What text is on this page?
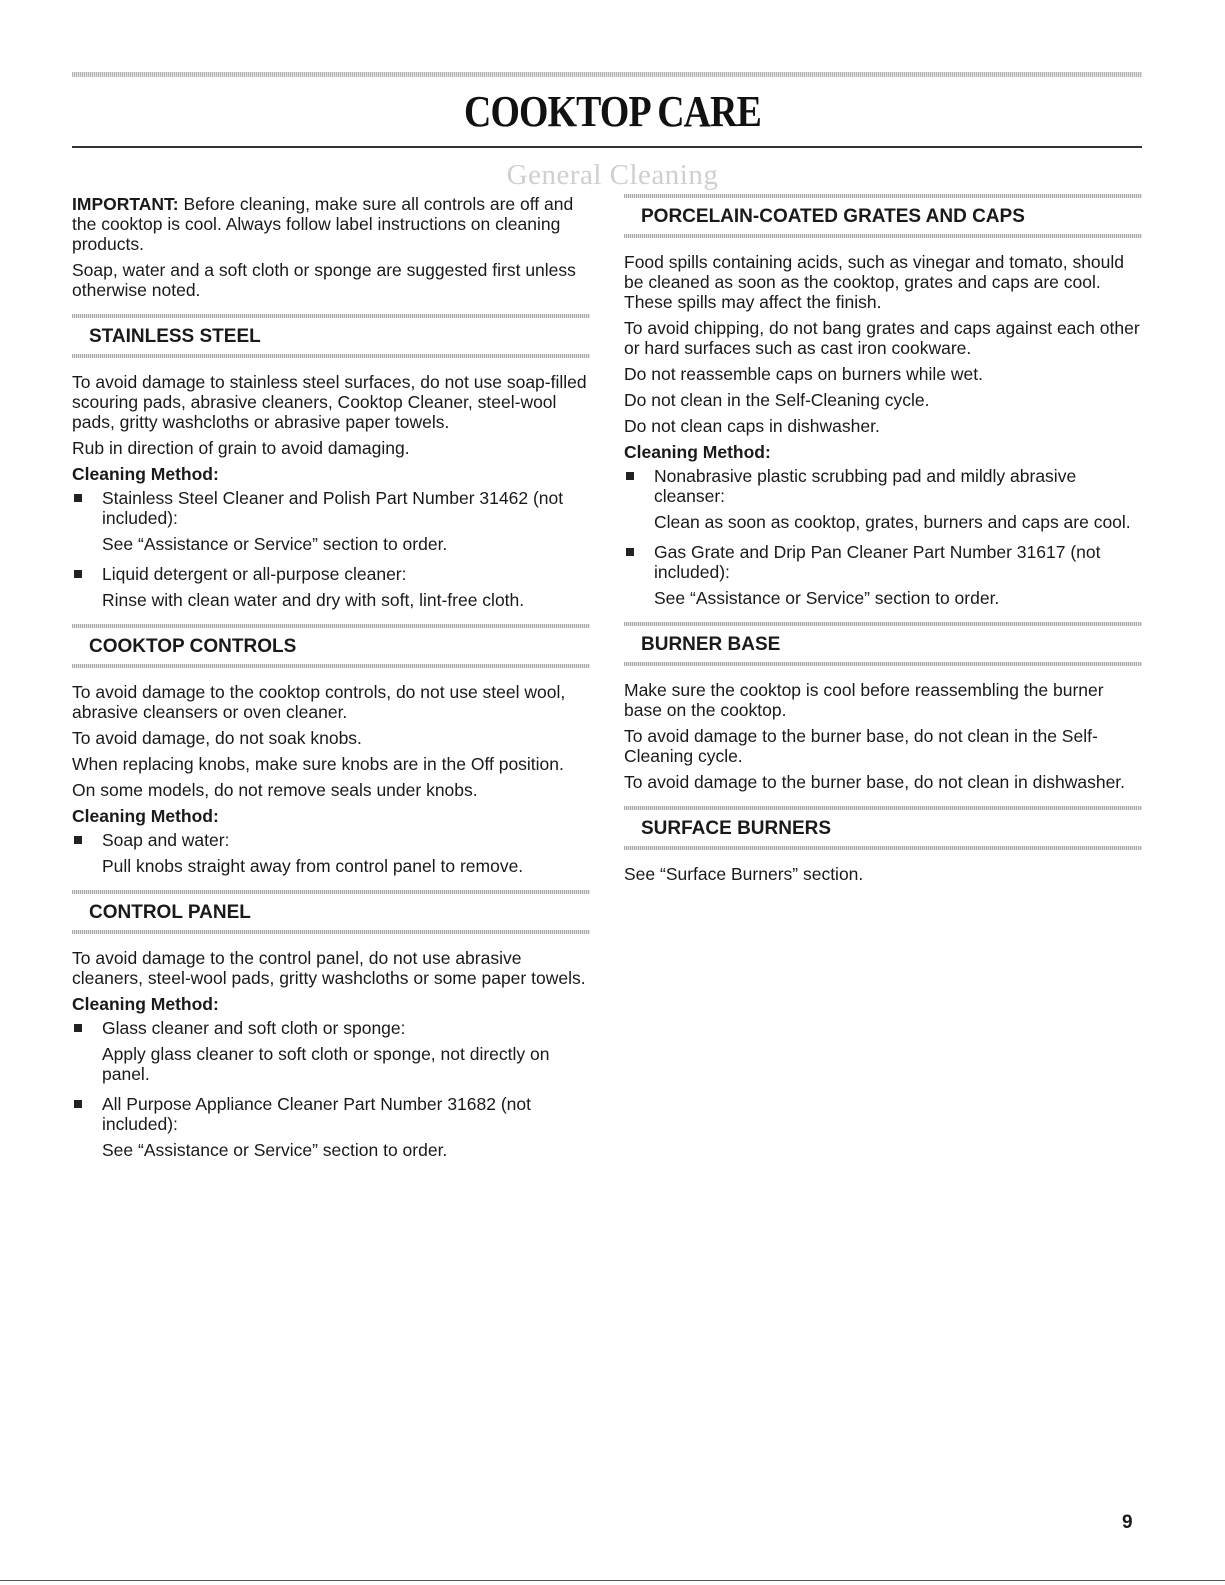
COOKTOP CARE
General Cleaning

IMPORTANT: Before cleaning, make sure all controls are off and the cooktop is cool. Always follow label instructions on cleaning products.

Soap, water and a soft cloth or sponge are suggested first unless otherwise noted.

STAINLESS STEEL

To avoid damage to stainless steel surfaces, do not use soap-filled scouring pads, abrasive cleaners, Cooktop Cleaner, steel-wool pads, gritty washcloths or abrasive paper towels.

Rub in direction of grain to avoid damaging.

Cleaning Method:

Stainless Steel Cleaner and Polish Part Number 31462 (not included):

See “Assistance or Service” section to order.

Liquid detergent or all-purpose cleaner:

Rinse with clean water and dry with soft, lint-free cloth.

COOKTOP CONTROLS

To avoid damage to the cooktop controls, do not use steel wool, abrasive cleansers or oven cleaner.

To avoid damage, do not soak knobs.

When replacing knobs, make sure knobs are in the Off position.

On some models, do not remove seals under knobs.

Cleaning Method:

Soap and water:

Pull knobs straight away from control panel to remove.

CONTROL PANEL

To avoid damage to the control panel, do not use abrasive cleaners, steel-wool pads, gritty washcloths or some paper towels.

Cleaning Method:

Glass cleaner and soft cloth or sponge:

Apply glass cleaner to soft cloth or sponge, not directly on panel.

All Purpose Appliance Cleaner Part Number 31682 (not included):

See “Assistance or Service” section to order.

PORCELAIN-COATED GRATES AND CAPS

Food spills containing acids, such as vinegar and tomato, should be cleaned as soon as the cooktop, grates and caps are cool. These spills may affect the finish.

To avoid chipping, do not bang grates and caps against each other or hard surfaces such as cast iron cookware.

Do not reassemble caps on burners while wet.

Do not clean in the Self-Cleaning cycle.

Do not clean caps in dishwasher.

Cleaning Method:

Nonabrasive plastic scrubbing pad and mildly abrasive cleanser:

Clean as soon as cooktop, grates, burners and caps are cool.

Gas Grate and Drip Pan Cleaner Part Number 31617 (not included):

See “Assistance or Service” section to order.

BURNER BASE

Make sure the cooktop is cool before reassembling the burner base on the cooktop.

To avoid damage to the burner base, do not clean in the Self-Cleaning cycle.

To avoid damage to the burner base, do not clean in dishwasher.

SURFACE BURNERS

See “Surface Burners” section.

9
